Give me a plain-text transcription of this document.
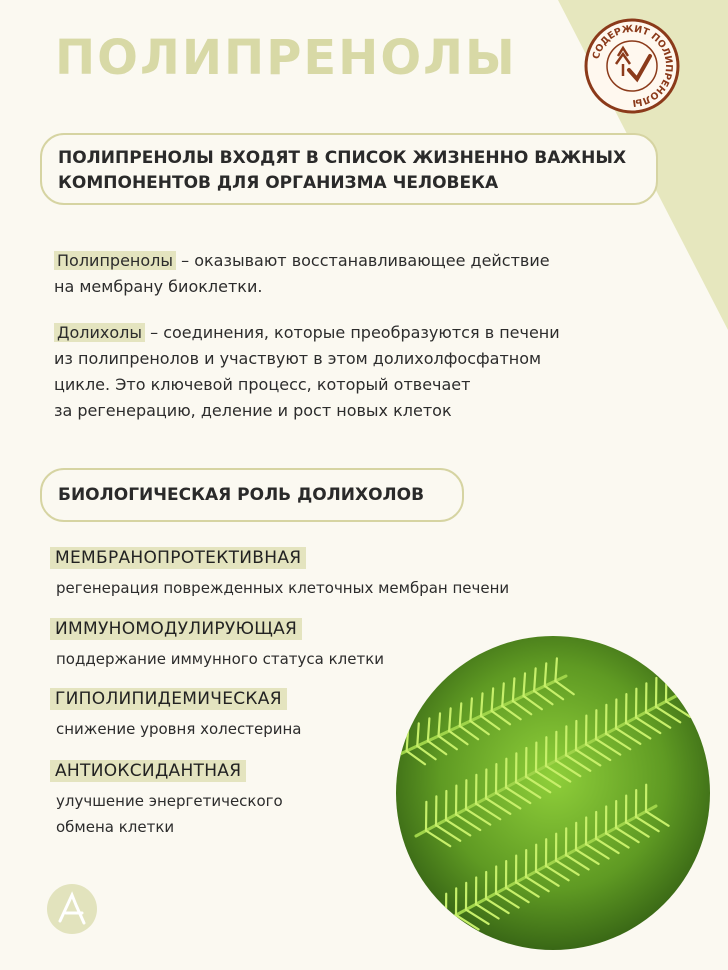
ПОЛИПРЕНОЛЫ	СОДЕРЖИТ ПОЛИПРЕНОЛЫ
ПОЛИПРЕНОЛЫ ВХОДЯТ В СПИСОК ЖИЗНЕННО ВАЖНЫХ
КОМПОНЕНТОВ ДЛЯ ОРГАНИЗМА ЧЕЛОВЕКА

Полипренолы – оказывают восстанавливающее действие
на мембрану биоклетки.

Долихолы – соединения, которые преобразуются в печени
из полипренолов и участвуют в этом долихолфосфатном
цикле. Это ключевой процесс, который отвечает
за регенерацию, деление и рост новых клеток

БИОЛОГИЧЕСКАЯ РОЛЬ ДОЛИХОЛОВ
МЕМБРАНОПРОТЕКТИВНАЯ
регенерация поврежденных клеточных мембран печени
ИММУНОМОДУЛИРУЮЩАЯ
поддержание иммунного статуса клетки
ГИПОЛИПИДЕМИЧЕСКАЯ
снижение уровня холестерина
АНТИОКСИДАНТНАЯ
улучшение энергетического
обмена клетки
